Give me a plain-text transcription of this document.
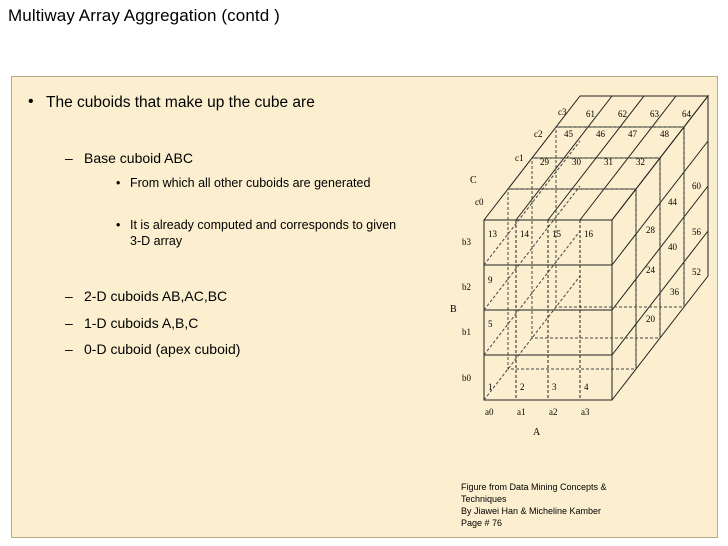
Multiway Array Aggregation (contd )
• The cuboids that make up the cube are
– Base cuboid ABC
• From which all other cuboids are generated
• It is already computed and corresponds to given 3-D array
– 2-D cuboids AB,AC,BC
– 1-D cuboids A,B,C
– 0-D cuboid (apex cuboid)
1	2	3	4
5
9
13	14	15	16
29	30	31	32
45	46	47	48
61	62	63	64
60
44
28	56
40
24	52
36
20
a0	a1	a2	a3
A
b0
b1
b2
b3
B
c0
c1
c2
c3
C
Figure from Data Mining Concepts &
Techniques
By Jiawei Han & Micheline Kamber
Page # 76
